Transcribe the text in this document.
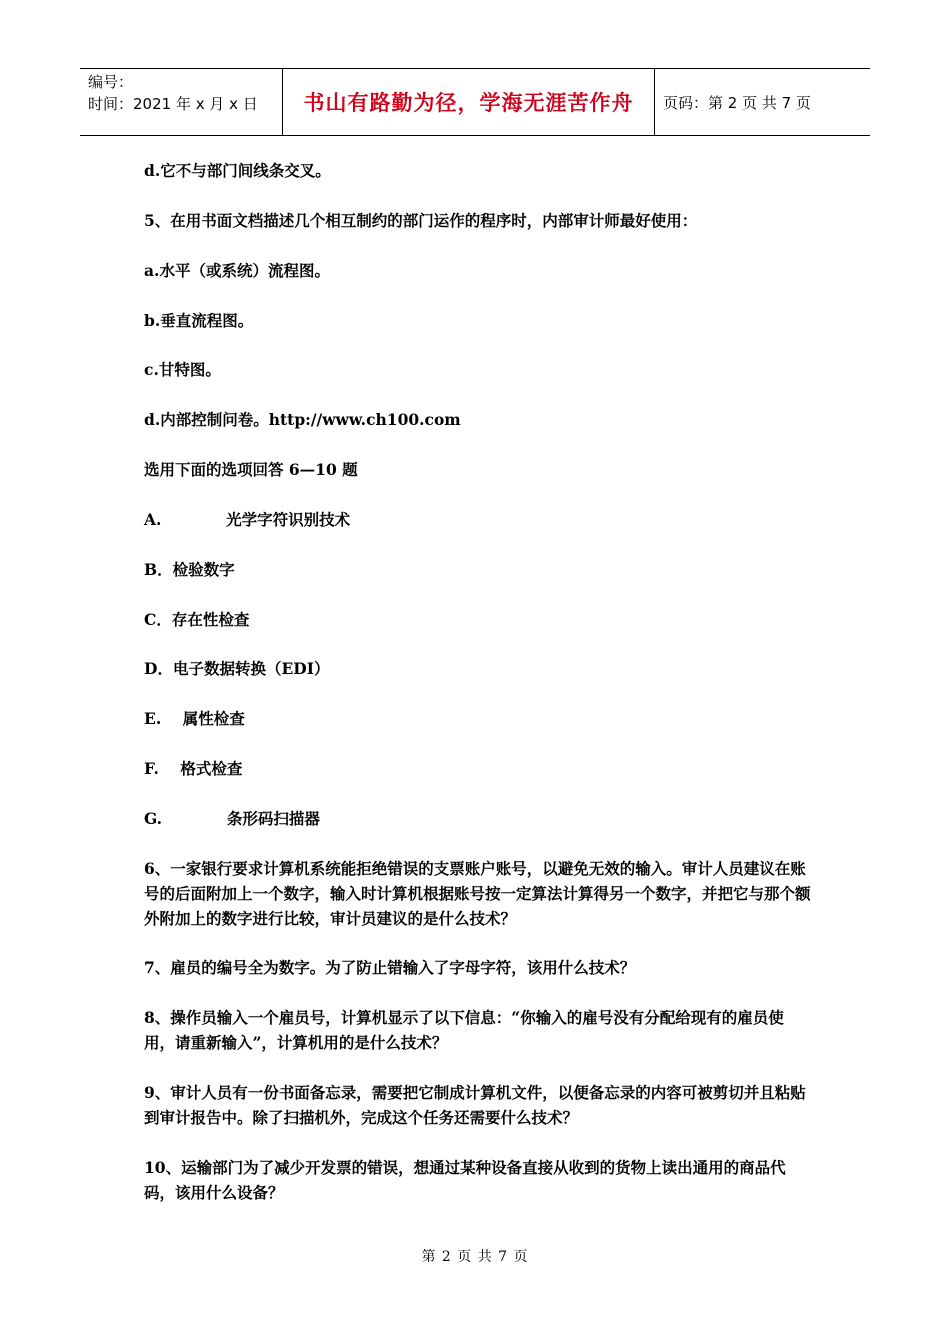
编号：
时间：2021 年 x 月 x 日	书山有路勤为径，学海无涯苦作舟	页码：第 2 页 共 7 页
d.它不与部门间线条交叉。
5、在用书面文档描述几个相互制约的部门运作的程序时，内部审计师最好使用：
a.水平（或系统）流程图。
b.垂直流程图。
c.甘特图。
d.内部控制问卷。http://www.ch100.com
选用下面的选项回答 6—10 题
A.            光学字符识别技术
B．检验数字
C．存在性检查
D．电子数据转换（EDI）
E.    属性检查
F.    格式检查
G.            条形码扫描器
6、一家银行要求计算机系统能拒绝错误的支票账户账号，以避免无效的输入。审计人员建议在账号的后面附加上一个数字，输入时计算机根据账号按一定算法计算得另一个数字，并把它与那个额外附加上的数字进行比较，审计员建议的是什么技术？
7、雇员的编号全为数字。为了防止错输入了字母字符，该用什么技术？
8、操作员输入一个雇员号，计算机显示了以下信息：“你输入的雇号没有分配给现有的雇员使用，请重新输入”，计算机用的是什么技术？
9、审计人员有一份书面备忘录，需要把它制成计算机文件，以便备忘录的内容可被剪切并且粘贴到审计报告中。除了扫描机外，完成这个任务还需要什么技术？
10、运输部门为了减少开发票的错误，想通过某种设备直接从收到的货物上读出通用的商品代码，该用什么设备？
第 2 页 共 7 页
